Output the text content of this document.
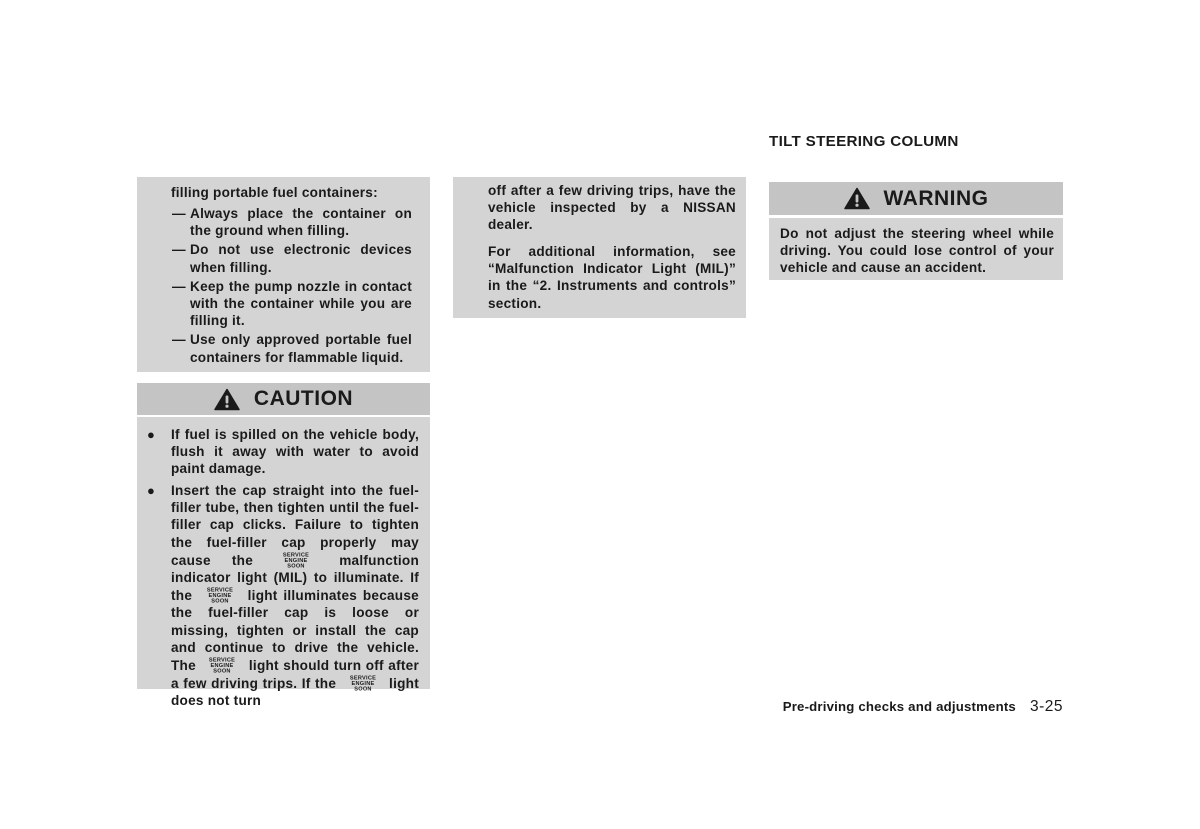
filling portable fuel containers:
— Always place the container on the ground when filling.
— Do not use electronic devices when filling.
— Keep the pump nozzle in contact with the container while you are filling it.
— Use only approved portable fuel containers for flammable liquid.
CAUTION
● If fuel is spilled on the vehicle body, flush it away with water to avoid paint damage.
● Insert the cap straight into the fuel-filler tube, then tighten until the fuel-filler cap clicks. Failure to tighten the fuel-filler cap properly may cause the	SERVICE
ENGINE
SOON	malfunction indicator light (MIL) to illuminate. If the	SERVICE
ENGINE
SOON light illuminates because the fuel-filler cap is loose or missing, tighten or install the cap and continue to drive the vehicle. The SERVICE
ENGINE
SOON light should turn off after a few driving trips. If the SERVICE
ENGINE
SOON light does not turn
off after a few driving trips, have the vehicle inspected by a NISSAN dealer.
For additional information, see “Malfunction Indicator Light (MIL)” in the “2. Instruments and controls” section.
TILT STEERING COLUMN
WARNING
Do not adjust the steering wheel while driving. You could lose control of your vehicle and cause an accident.
Pre-driving checks and adjustments 3-25
